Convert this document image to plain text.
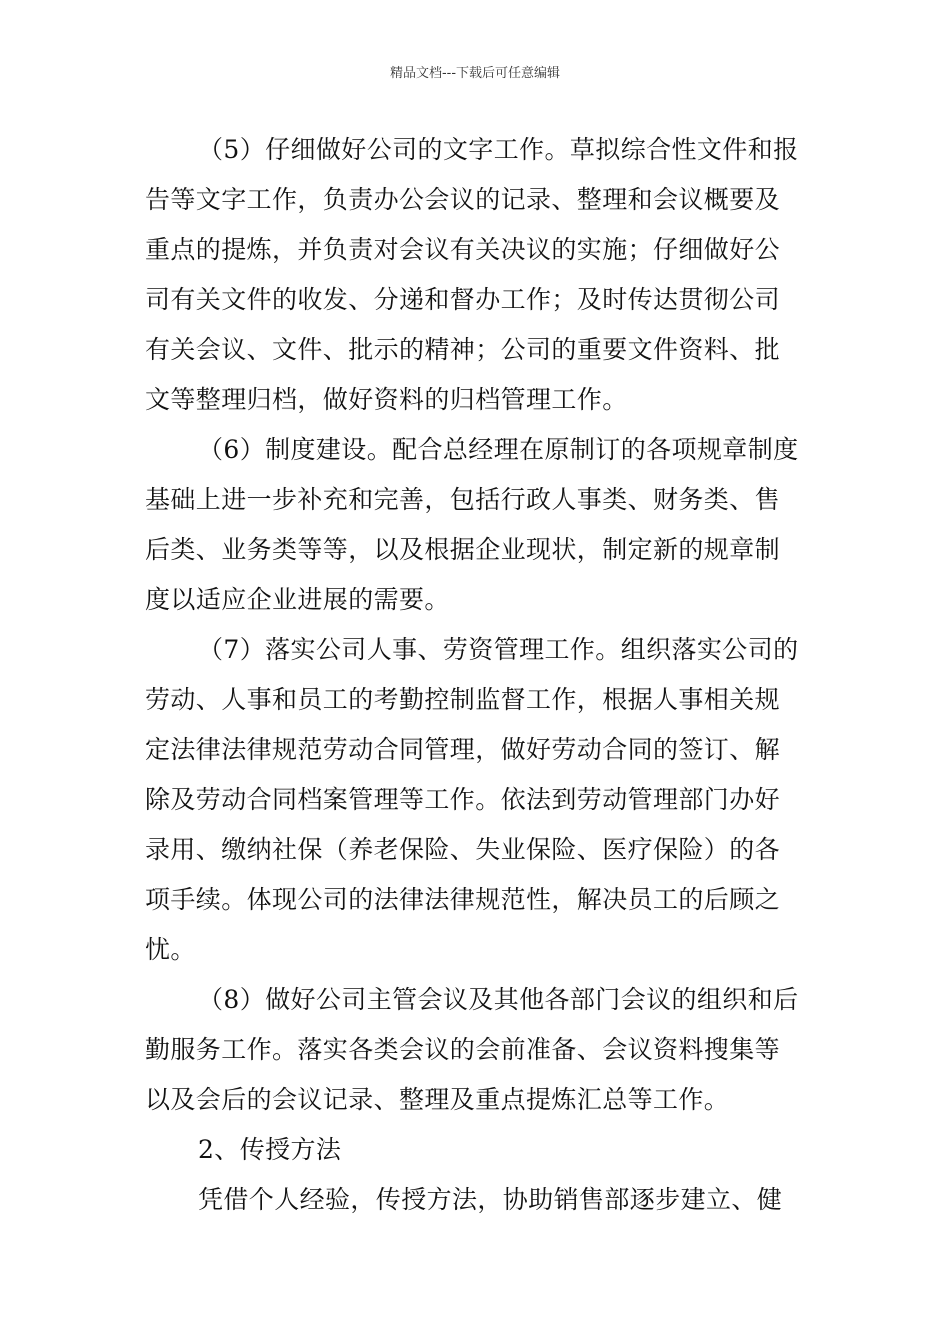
精品文档---下载后可任意编辑
（5）仔细做好公司的文字工作。草拟综合性文件和报
告等文字工作，负责办公会议的记录、整理和会议概要及
重点的提炼，并负责对会议有关决议的实施；仔细做好公
司有关文件的收发、分递和督办工作；及时传达贯彻公司
有关会议、文件、批示的精神；公司的重要文件资料、批
文等整理归档，做好资料的归档管理工作。
（6）制度建设。配合总经理在原制订的各项规章制度
基础上进一步补充和完善，包括行政人事类、财务类、售
后类、业务类等等，以及根据企业现状，制定新的规章制
度以适应企业进展的需要。
（7）落实公司人事、劳资管理工作。组织落实公司的
劳动、人事和员工的考勤控制监督工作，根据人事相关规
定法律法律规范劳动合同管理，做好劳动合同的签订、解
除及劳动合同档案管理等工作。依法到劳动管理部门办好
录用、缴纳社保（养老保险、失业保险、医疗保险）的各
项手续。体现公司的法律法律规范性，解决员工的后顾之
忧。
（8）做好公司主管会议及其他各部门会议的组织和后
勤服务工作。落实各类会议的会前准备、会议资料搜集等
以及会后的会议记录、整理及重点提炼汇总等工作。
2、传授方法
凭借个人经验，传授方法，协助销售部逐步建立、健
